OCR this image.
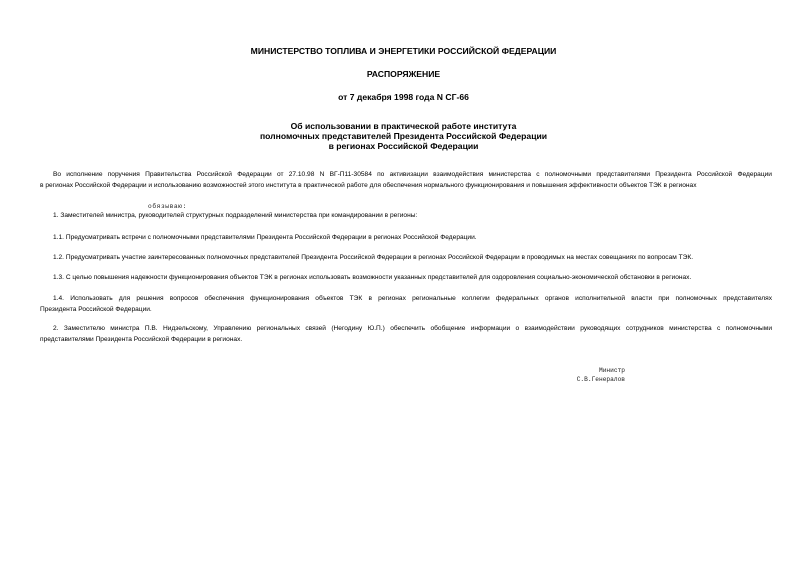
МИНИСТЕРСТВО ТОПЛИВА И ЭНЕРГЕТИКИ РОССИЙСКОЙ ФЕДЕРАЦИИ
РАСПОРЯЖЕНИЕ
от 7 декабря 1998 года N СГ-66
Об использовании в практической работе института
полномочных представителей Президента Российской Федерации
в регионах Российской Федерации
Во исполнение поручения Правительства Российской Федерации от 27.10.98 N ВГ-П11-30584 по активизации взаимодействия министерства с полномочными представителями Президента Российской Федерации
в регионах Российской Федерации и использованию возможностей этого института в практической работе для обеспечения нормального функционирования и повышения эффективности объектов ТЭК в регионах
обязываю:
1. Заместителей министра, руководителей структурных подразделений министерства при командировании в регионы:
1.1. Предусматривать встречи с полномочными представителями Президента Российской Федерации в регионах Российской Федерации.
1.2. Предусматривать участие заинтересованных полномочных представителей Президента Российской Федерации в регионах Российской Федерации в проводимых на местах совещаниях по вопросам ТЭК.
1.3. С целью повышения надежности функционирования объектов ТЭК в регионах использовать возможности указанных представителей для оздоровления социально-экономической обстановки в регионах.
1.4. Использовать для решения вопросов обеспечения функционирования объектов ТЭК в регионах региональные коллегии федеральных органов исполнительной власти при полномочных представителях
Президента Российской Федерации.
2. Заместителю министра П.В. Нидзельскому, Управлению региональных связей (Негодину Ю.П.) обеспечить обобщение информации о взаимодействии руководящих сотрудников министерства с полномочными
представителями Президента Российской Федерации в регионах.
Министр
С.В.Генералов
